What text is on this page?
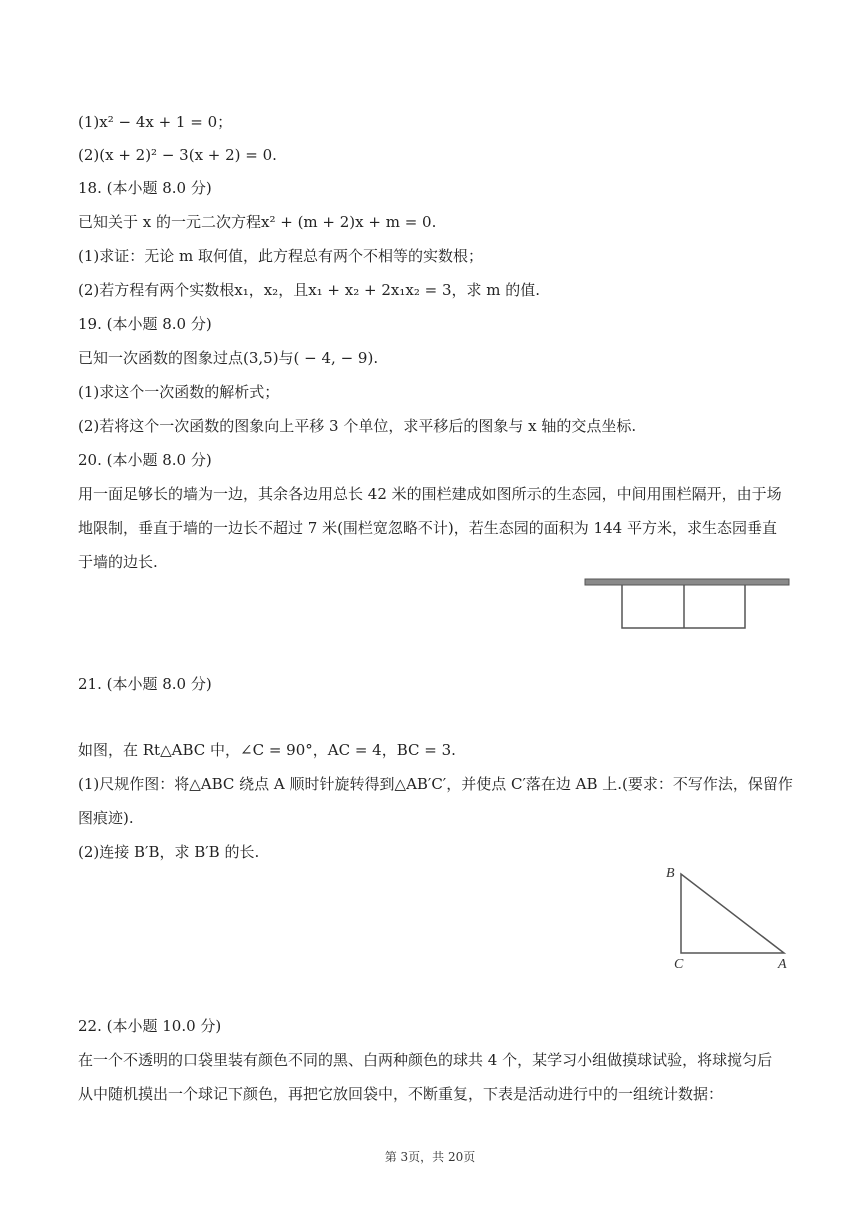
(1)x² − 4x + 1 = 0；
(2)(x + 2)² − 3(x + 2) = 0.
18. (本小题 8.0 分)
已知关于 x 的一元二次方程x² + (m + 2)x + m = 0.
(1)求证：无论 m 取何值，此方程总有两个不相等的实数根；
(2)若方程有两个实数根x₁，x₂，且x₁ + x₂ + 2x₁x₂ = 3，求 m 的值.
19. (本小题 8.0 分)
已知一次函数的图象过点(3,5)与( − 4, − 9).
(1)求这个一次函数的解析式；
(2)若将这个一次函数的图象向上平移 3 个单位，求平移后的图象与 x 轴的交点坐标.
20. (本小题 8.0 分)
用一面足够长的墙为一边，其余各边用总长 42 米的围栏建成如图所示的生态园，中间用围栏隔开，由于场
地限制，垂直于墙的一边长不超过 7 米(围栏宽忽略不计)，若生态园的面积为 144 平方米，求生态园垂直
于墙的边长.
21. (本小题 8.0 分)
如图，在 Rt△ABC 中，∠C = 90°，AC = 4，BC = 3.
(1)尺规作图：将△ABC 绕点 A 顺时针旋转得到△AB′C′，并使点 C′落在边 AB 上.(要求：不写作法，保留作
图痕迹).
(2)连接 B′B，求 B′B 的长.
B
C	A
22. (本小题 10.0 分)
在一个不透明的口袋里装有颜色不同的黑、白两种颜色的球共 4 个，某学习小组做摸球试验，将球搅匀后
从中随机摸出一个球记下颜色，再把它放回袋中，不断重复，下表是活动进行中的一组统计数据：
第 3页，共 20页
